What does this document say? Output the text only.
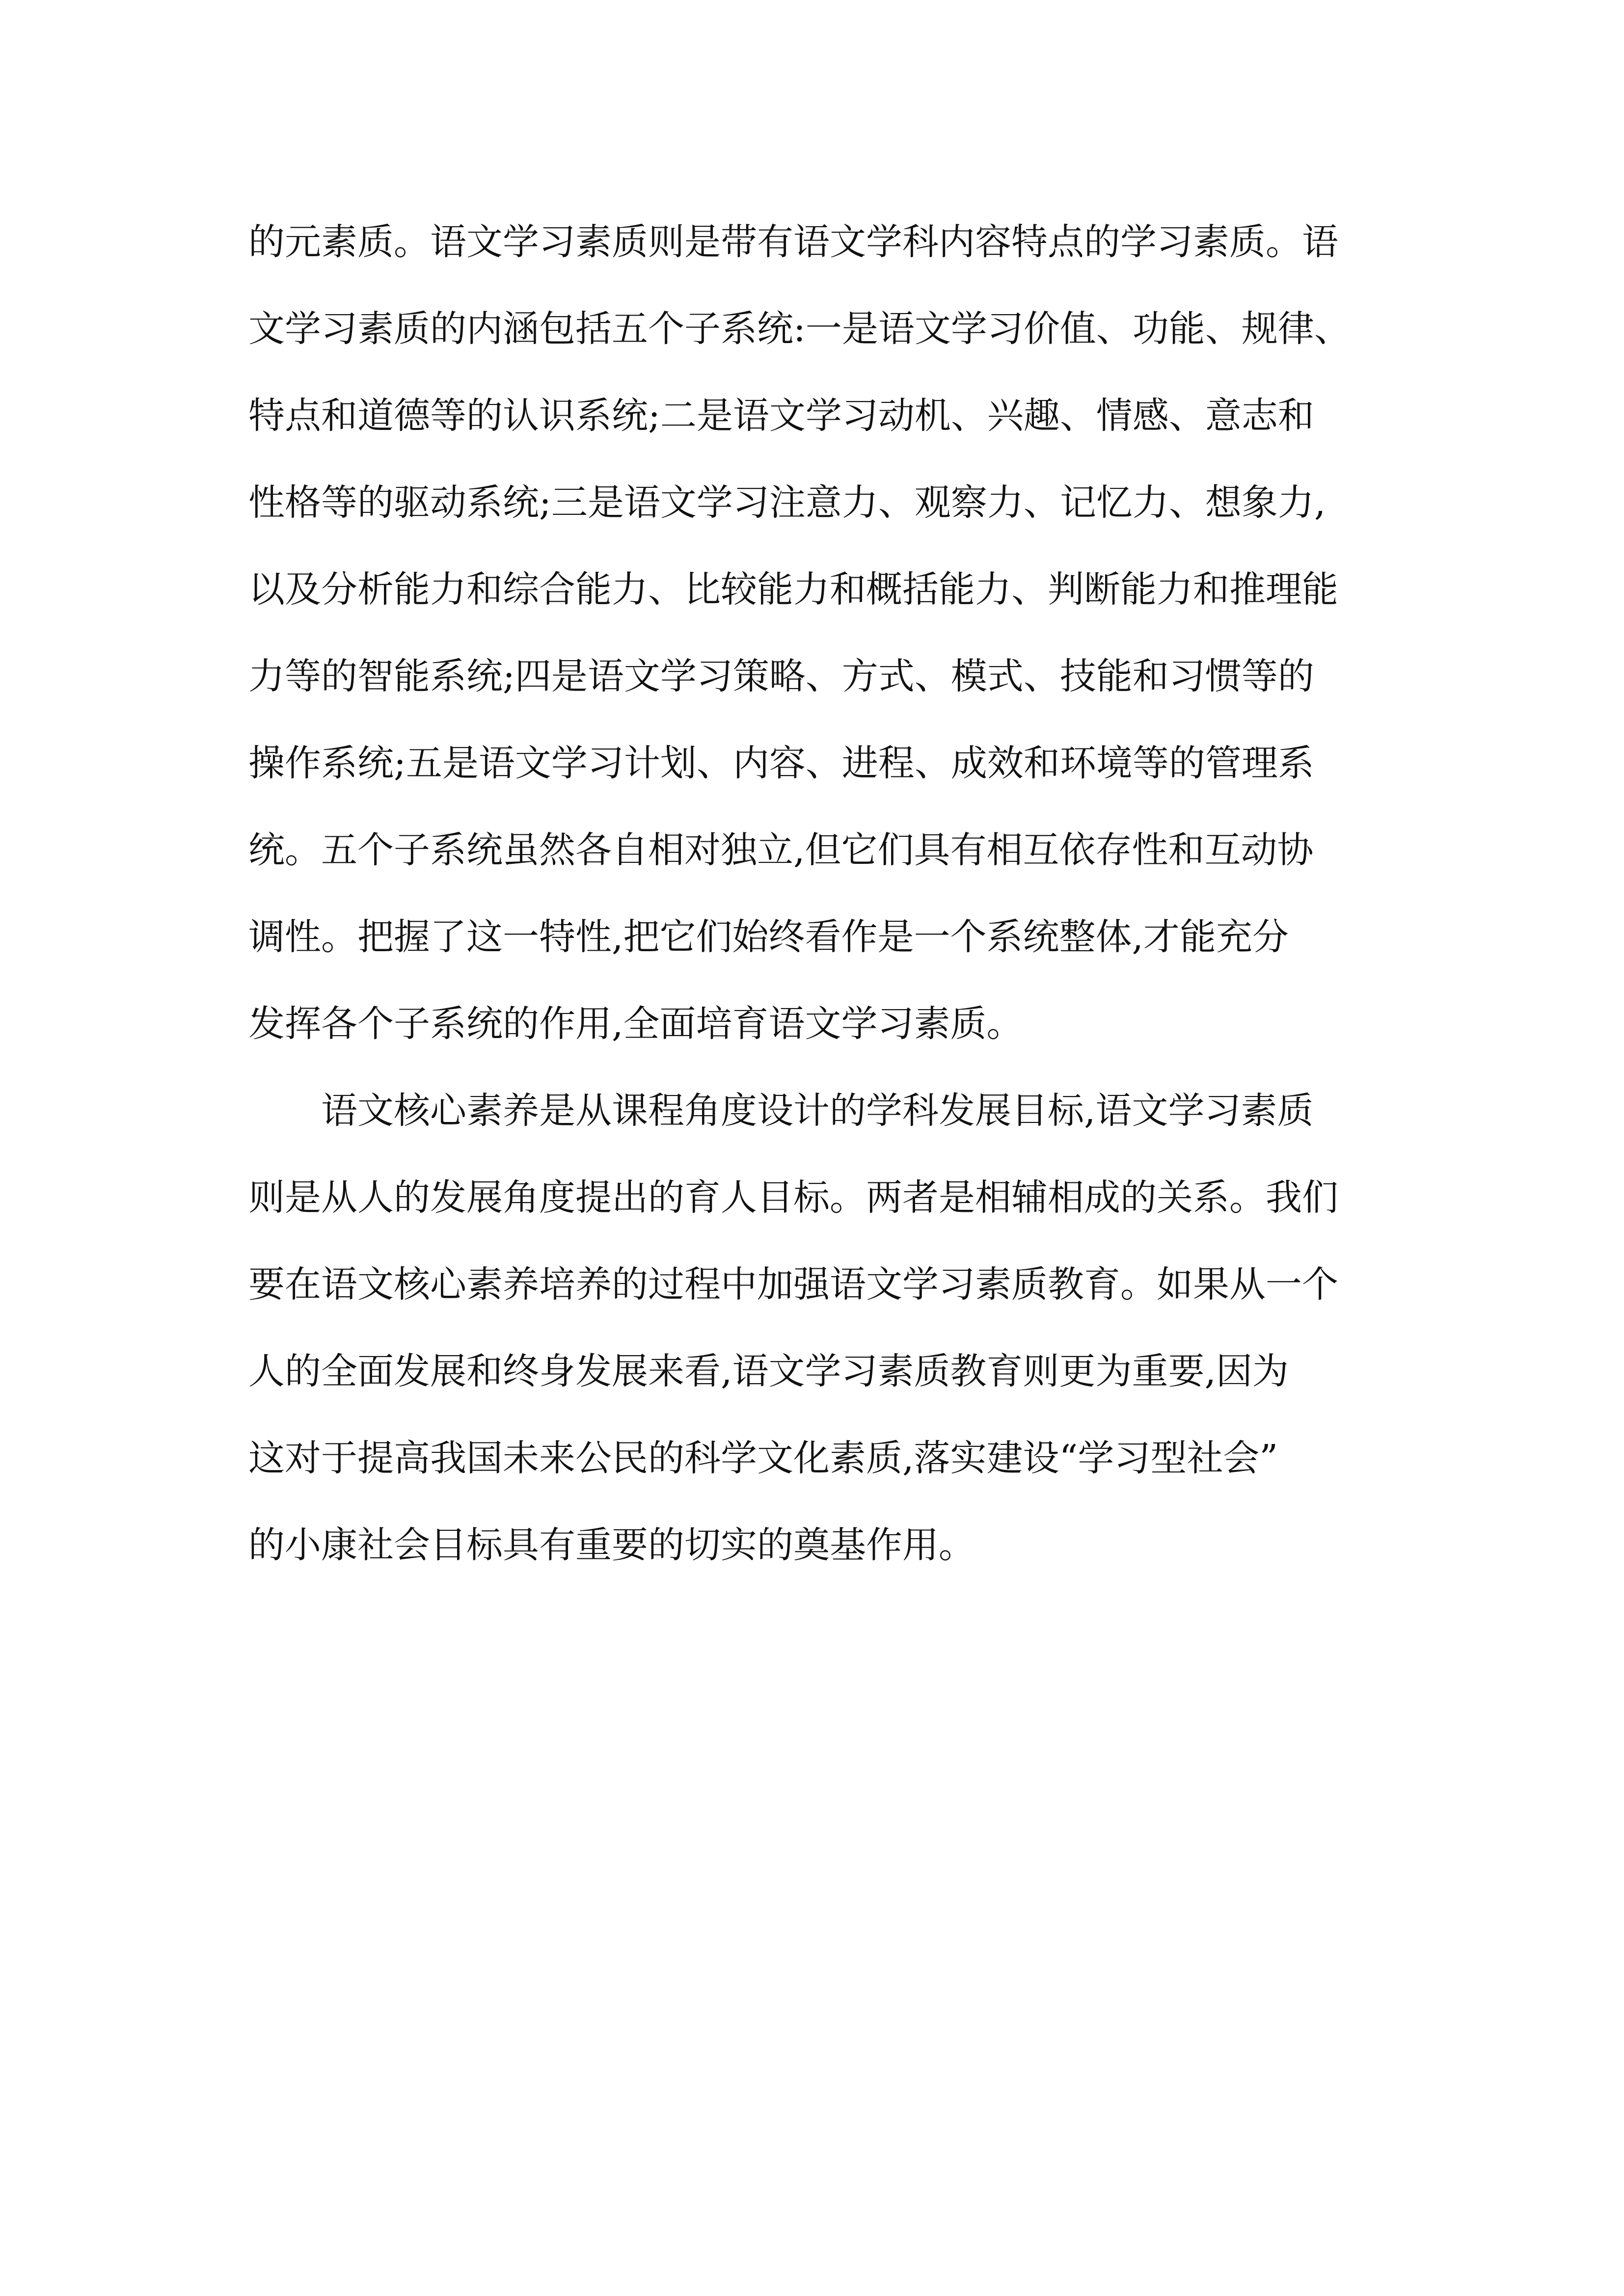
的元素质。语文学习素质则是带有语文学科内容特点的学习素质。语
文学习素质的内涵包括五个子系统:一是语文学习价值、功能、规律、
特点和道德等的认识系统;二是语文学习动机、兴趣、情感、意志和
性格等的驱动系统;三是语文学习注意力、观察力、记忆力、想象力,
以及分析能力和综合能力、比较能力和概括能力、判断能力和推理能
力等的智能系统;四是语文学习策略、方式、模式、技能和习惯等的
操作系统;五是语文学习计划、内容、进程、成效和环境等的管理系
统。五个子系统虽然各自相对独立,但它们具有相互依存性和互动协
调性。把握了这一特性,把它们始终看作是一个系统整体,才能充分
发挥各个子系统的作用,全面培育语文学习素质。
语文核心素养是从课程角度设计的学科发展目标,语文学习素质
则是从人的发展角度提出的育人目标。两者是相辅相成的关系。我们
要在语文核心素养培养的过程中加强语文学习素质教育。如果从一个
人的全面发展和终身发展来看,语文学习素质教育则更为重要,因为
这对于提高我国未来公民的科学文化素质,落实建设“学习型社会”
的小康社会目标具有重要的切实的奠基作用。
